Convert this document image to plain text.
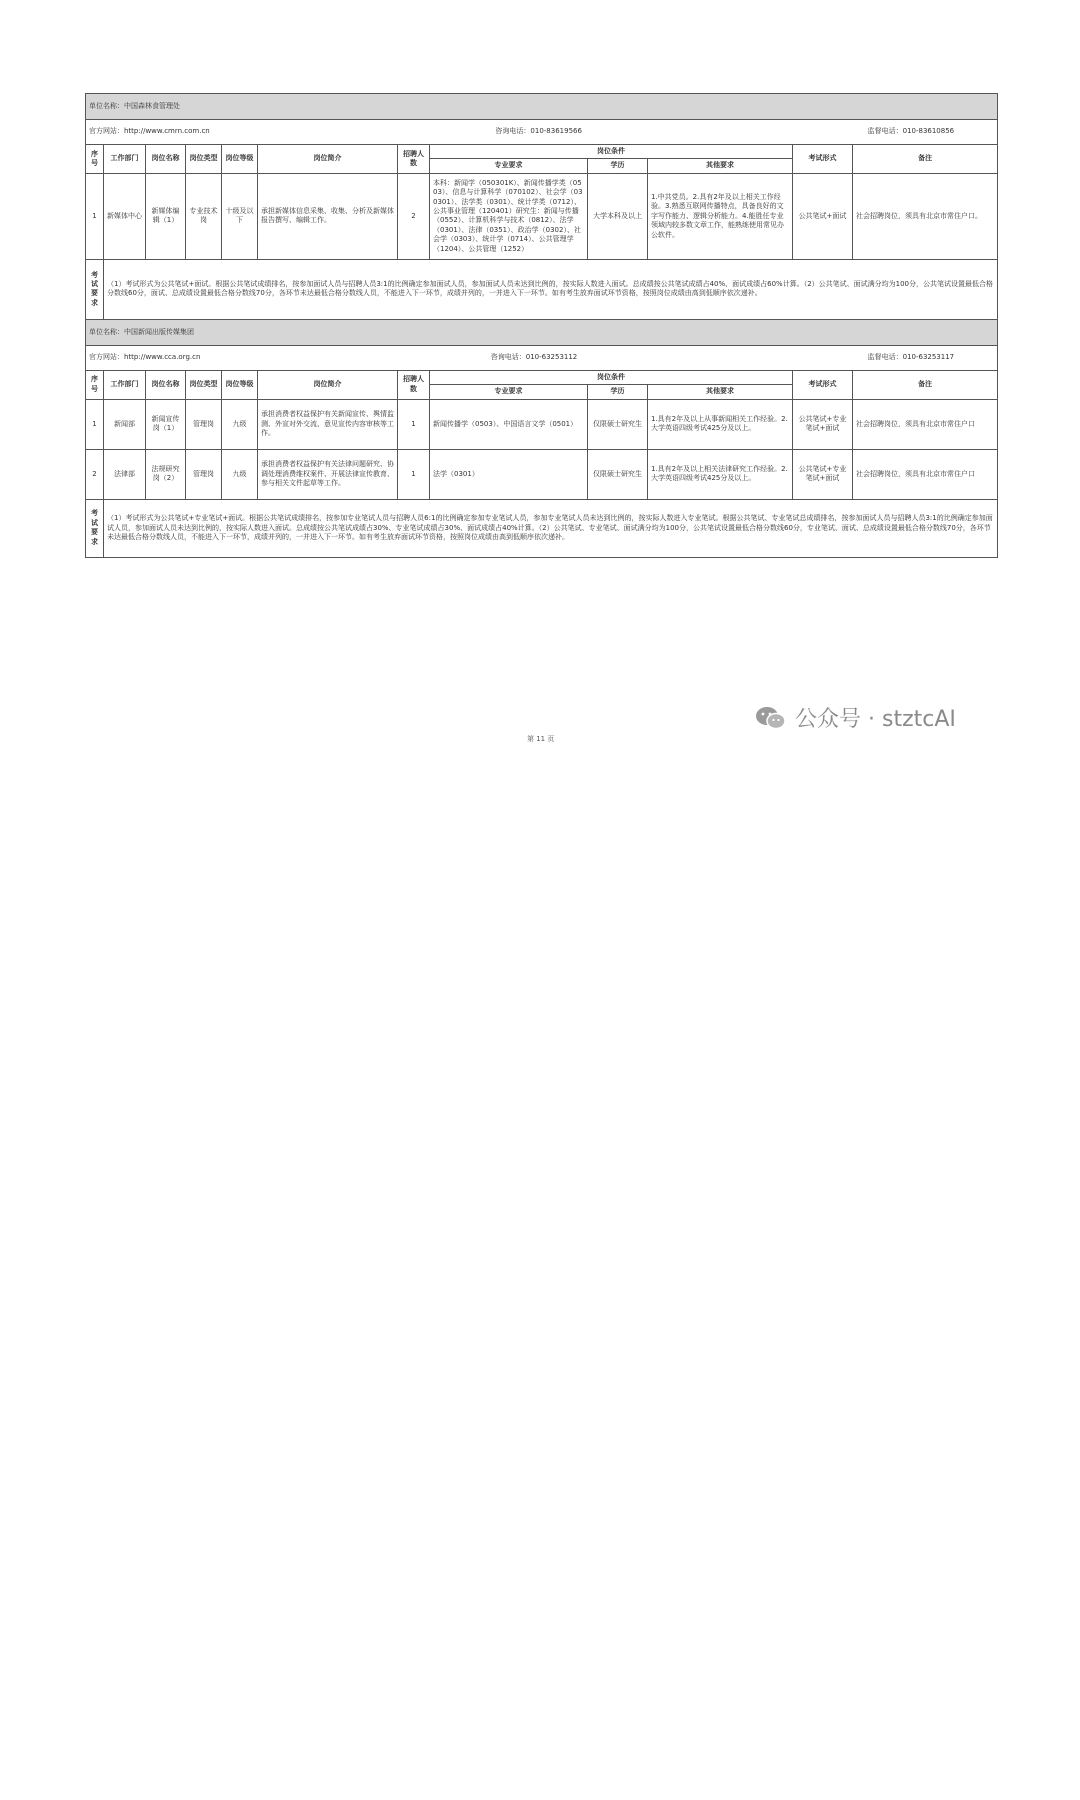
单位名称：中国森林食管理处											

官方网站：http://www.cmrn.com.cn 咨询电话：010-83619566 监督电话：010-83610856											

序号	工作部门	岗位名称	岗位类型	岗位等级	岗位简介	招聘人数	岗位条件			考试形式	备注
							专业要求	学历	其他要求		
1	新媒体中心	新媒体编辑（1）	专业技术岗	十级及以下	承担新媒体信息采集、收集、分析及新媒体报告撰写、编辑工作。	2	本科：新闻学（050301K）、新闻传播学类（0503）、信息与计算科学（070102）、社会学（030301）、法学类（0301）、统计学类（0712）、公共事业管理（120401）研究生：新闻与传播（0552）、计算机科学与技术（0812）、法学（0301）、法律（0351）、政治学（0302）、社会学（0303）、统计学（0714）、公共管理学（1204）、公共管理（1252）	大学本科及以上	1.中共党员。2.具有2年及以上相关工作经验。3.熟悉互联网传播特点，具备良好的文字写作能力、逻辑分析能力。4.能胜任专业领域内较多数文章工作，能熟练使用常见办公软件。	公共笔试+面试	社会招聘岗位，须具有北京市常住户口。
考试要求	（1）考试形式为公共笔试+面试。根据公共笔试成绩排名，按参加面试人员与招聘人员3:1的比例确定参加面试人员，参加面试人员未达到比例的，按实际人数进入面试。总成绩按公共笔试成绩占40%、面试成绩占60%计算。（2）公共笔试、面试满分均为100分，公共笔试设置最低合格分数线60分，面试、总成绩设置最低合格分数线70分，各环节未达最低合格分数线人员，不能进入下一环节，成绩并列的，一并进入下一环节。如有考生放弃面试环节资格，按照岗位成绩由高到低顺序依次递补。										
单位名称：中国新闻出版传媒集团											

官方网站：http://www.cca.org.cn 咨询电话：010-63253112 监督电话：010-63253117											

序号	工作部门	岗位名称	岗位类型	岗位等级	岗位简介	招聘人数	岗位条件			考试形式	备注
							专业要求	学历	其他要求		
1	新闻部	新闻宣传岗（1）	管理岗	九级	承担消费者权益保护有关新闻宣传、舆情监测、外宣对外交流、意见宣传内容审核等工作。	1	新闻传播学（0503）、中国语言文学（0501）	仅限硕士研究生	1.具有2年及以上从事新闻相关工作经验。2.大学英语四级考试425分及以上。	公共笔试+专业笔试+面试	社会招聘岗位，须具有北京市常住户口
2	法律部	法规研究岗（2）	管理岗	九级	承担消费者权益保护有关法律问题研究、协调处理消费维权案件、开展法律宣传教育、参与相关文件起草等工作。	1	法学（0301）	仅限硕士研究生	1.具有2年及以上相关法律研究工作经验。2.大学英语四级考试425分及以上。	公共笔试+专业笔试+面试	社会招聘岗位，须具有北京市常住户口
考试要求	（1）考试形式为公共笔试+专业笔试+面试。根据公共笔试成绩排名，按参加专业笔试人员与招聘人员6:1的比例确定参加专业笔试人员，参加专业笔试人员未达到比例的，按实际人数进入专业笔试。根据公共笔试、专业笔试总成绩排名，按参加面试人员与招聘人员3:1的比例确定参加面试人员，参加面试人员未达到比例的，按实际人数进入面试。总成绩按公共笔试成绩占30%、专业笔试成绩占30%、面试成绩占40%计算。（2）公共笔试、专业笔试、面试满分均为100分，公共笔试设置最低合格分数线60分，专业笔试、面试、总成绩设置最低合格分数线70分，各环节未达最低合格分数线人员，不能进入下一环节，成绩并列的，一并进入下一环节。如有考生放弃面试环节资格，按照岗位成绩由高到低顺序依次递补。										
公众号 · stztcAI
第 11 页
